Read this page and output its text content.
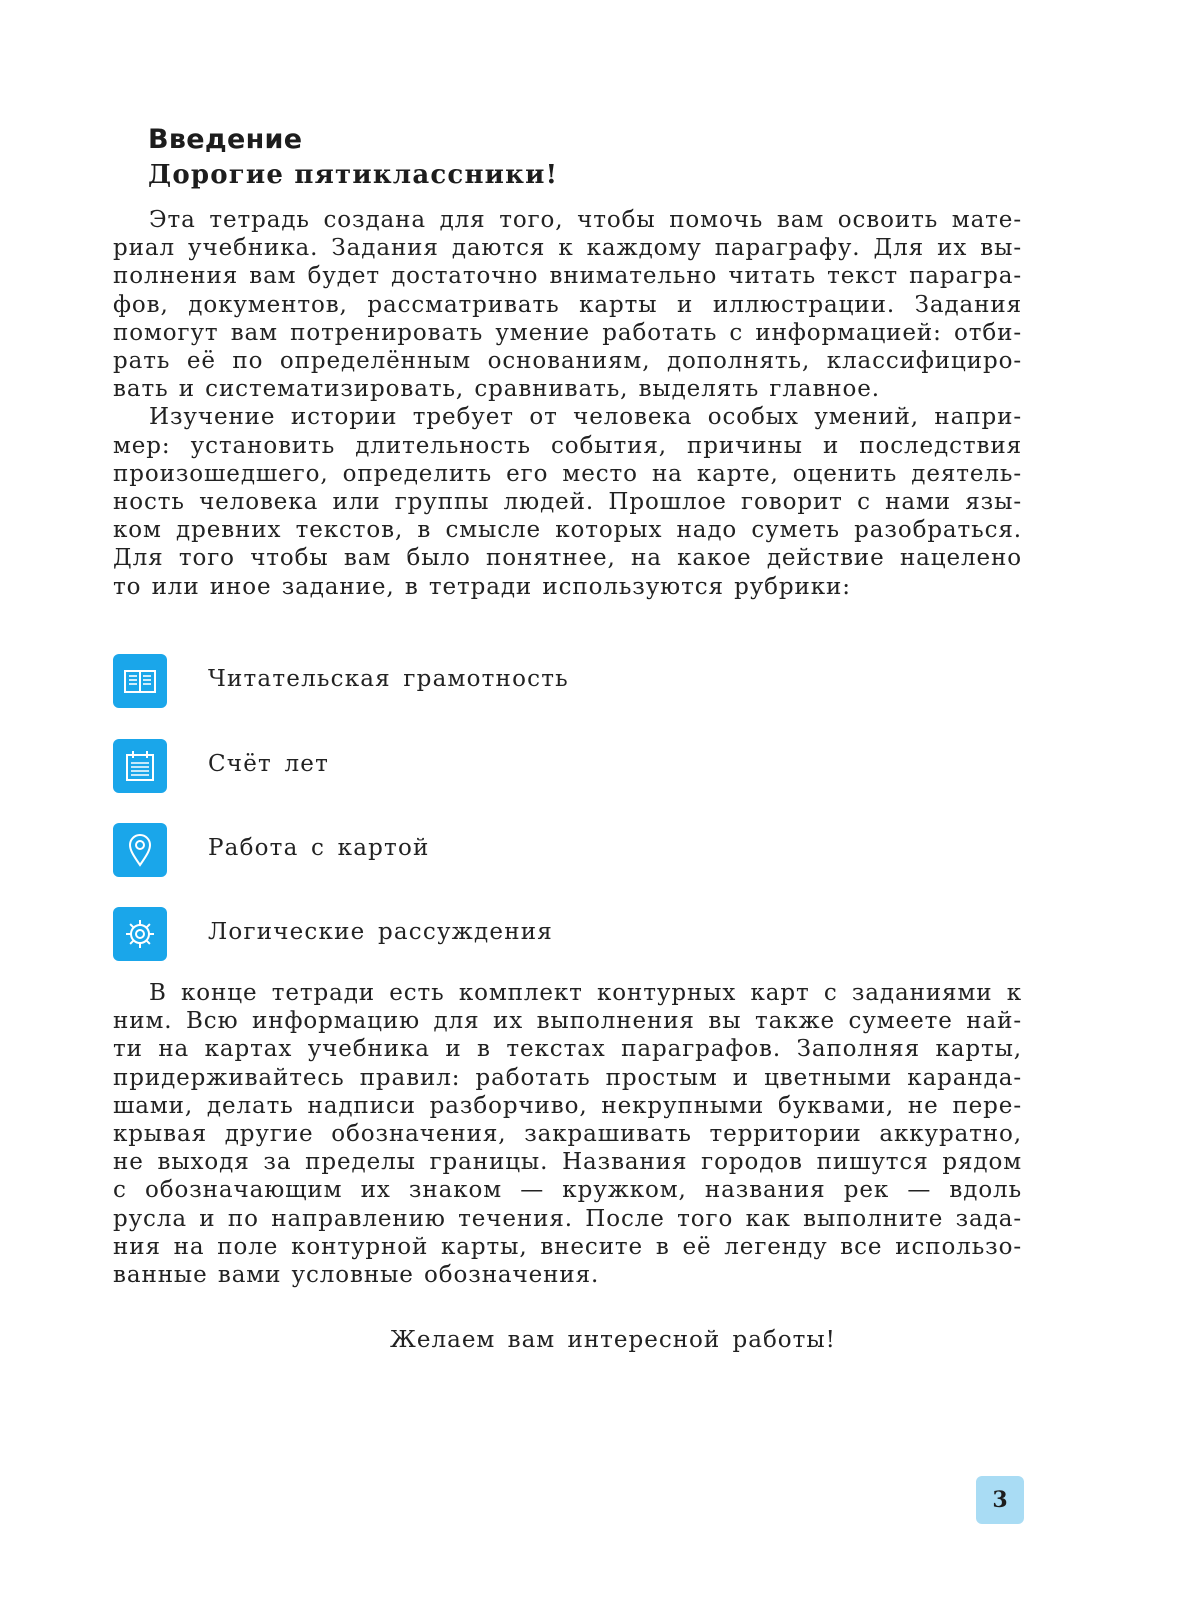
Введение
Дорогие пятиклассники!
Эта тетрадь создана для того, чтобы помочь вам освоить мате-
риал учебника. Задания даются к каждому параграфу. Для их вы-
полнения вам будет достаточно внимательно читать текст парагра-
фов, документов, рассматривать карты и иллюстрации. Задания
помогут вам потренировать умение работать с информацией: отби-
рать её по определённым основаниям, дополнять, классифициро-
вать и систематизировать, сравнивать, выделять главное.
Изучение истории требует от человека особых умений, напри-
мер: установить длительность события, причины и последствия
произошедшего, определить его место на карте, оценить деятель-
ность человека или группы людей. Прошлое говорит с нами язы-
ком древних текстов, в смысле которых надо суметь разобраться.
Для того чтобы вам было понятнее, на какое действие нацелено
то или иное задание, в тетради используются рубрики:
Читательская грамотность
Счёт лет
Работа с картой
Логические рассуждения
В конце тетради есть комплект контурных карт с заданиями к
ним. Всю информацию для их выполнения вы также сумеете най-
ти на картах учебника и в текстах параграфов. Заполняя карты,
придерживайтесь правил: работать простым и цветными каранда-
шами, делать надписи разборчиво, некрупными буквами, не пере-
крывая другие обозначения, закрашивать территории аккуратно,
не выходя за пределы границы. Названия городов пишутся рядом
с обозначающим их знаком — кружком, названия рек — вдоль
русла и по направлению течения. После того как выполните зада-
ния на поле контурной карты, внесите в её легенду все использо-
ванные вами условные обозначения.
Желаем вам интересной работы!
3
